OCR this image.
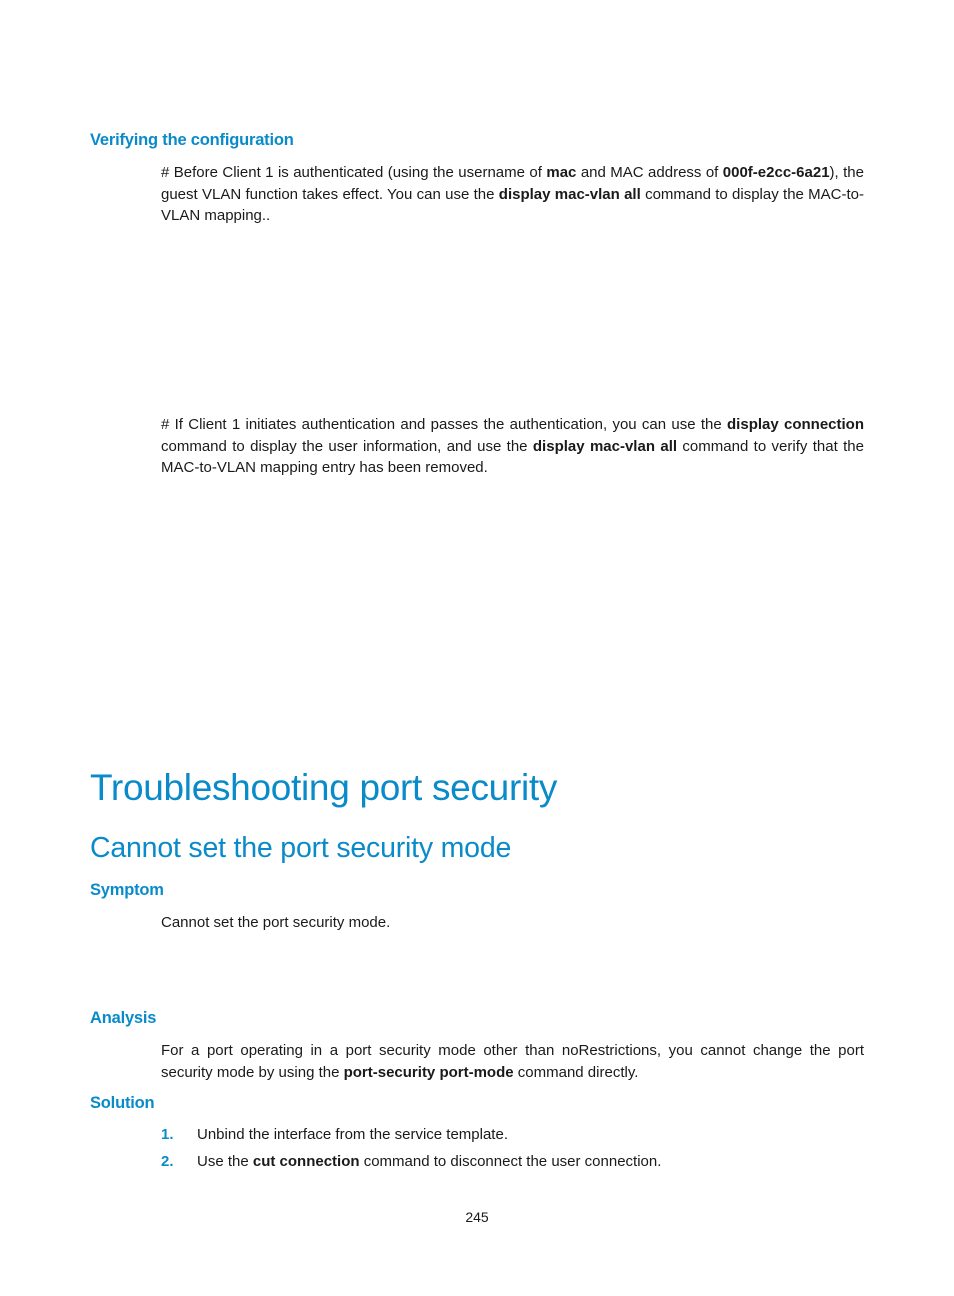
Verifying the configuration
# Before Client 1 is authenticated (using the username of mac and MAC address of 000f-e2cc-6a21), the guest VLAN function takes effect. You can use the display mac-vlan all command to display the MAC-to-VLAN mapping..
# If Client 1 initiates authentication and passes the authentication, you can use the display connection command to display the user information, and use the display mac-vlan all command to verify that the MAC-to-VLAN mapping entry has been removed.
Troubleshooting port security
Cannot set the port security mode
Symptom
Cannot set the port security mode.
Analysis
For a port operating in a port security mode other than noRestrictions, you cannot change the port security mode by using the port-security port-mode command directly.
Solution
1. Unbind the interface from the service template.
2. Use the cut connection command to disconnect the user connection.
245
